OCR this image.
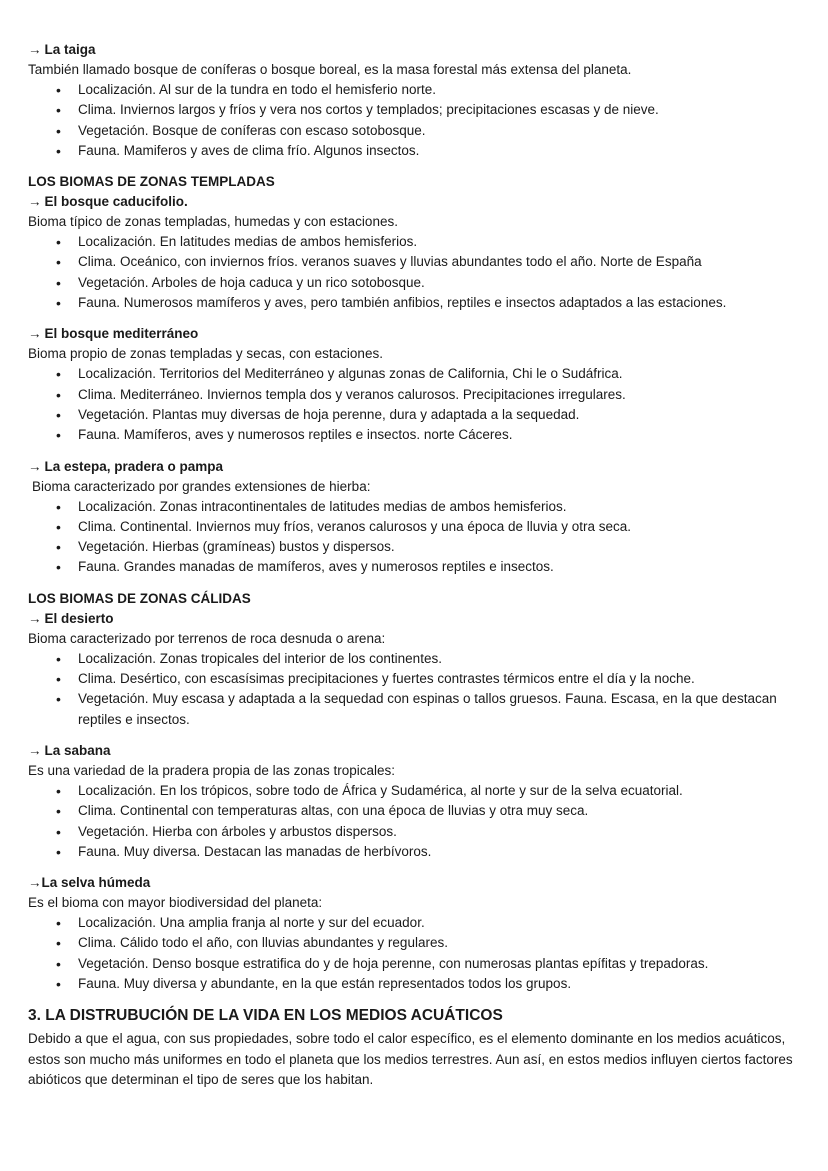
→ La taiga

También llamado bosque de coníferas o bosque boreal, es la masa forestal más extensa del planeta.

• Localización. Al sur de la tundra en todo el hemisferio norte.
• Clima. Inviernos largos y fríos y vera nos cortos y templados; precipitaciones escasas y de nieve.
• Vegetación. Bosque de coníferas con escaso sotobosque.
• Fauna. Mamiferos y aves de clima frío. Algunos insectos.

LOS BIOMAS DE ZONAS TEMPLADAS

→ El bosque caducifolio.

Bioma típico de zonas templadas, humedas y con estaciones.

• Localización. En latitudes medias de ambos hemisferios.
• Clima. Oceánico, con inviernos fríos. veranos suaves y lluvias abundantes todo el año. Norte de España
• Vegetación. Arboles de hoja caduca y un rico sotobosque.
• Fauna. Numerosos mamíferos y aves, pero también anfibios, reptiles e insectos adaptados a las estaciones.

→ El bosque mediterráneo

Bioma propio de zonas templadas y secas, con estaciones.

• Localización. Territorios del Mediterráneo y algunas zonas de California, Chi le o Sudáfrica.
• Clima. Mediterráneo. Inviernos templa dos y veranos calurosos. Precipitaciones irregulares.
• Vegetación. Plantas muy diversas de hoja perenne, dura y adaptada a la sequedad.
• Fauna. Mamíferos, aves y numerosos reptiles e insectos. norte Cáceres.

→ La estepa, pradera o pampa

Bioma caracterizado por grandes extensiones de hierba:

• Localización. Zonas intracontinentales de latitudes medias de ambos hemisferios.
• Clima. Continental. Inviernos muy fríos, veranos calurosos y una época de lluvia y otra seca.
• Vegetación. Hierbas (gramíneas) bustos y dispersos.
• Fauna. Grandes manadas de mamíferos, aves y numerosos reptiles e insectos.

LOS BIOMAS DE ZONAS CÁLIDAS

→ El desierto

Bioma caracterizado por terrenos de roca desnuda o arena:

• Localización. Zonas tropicales del interior de los continentes.
• Clima. Desértico, con escasísimas precipitaciones y fuertes contrastes térmicos entre el día y la noche.
• Vegetación. Muy escasa y adaptada a la sequedad con espinas o tallos gruesos. Fauna. Escasa, en la que destacan reptiles e insectos.

→ La sabana

Es una variedad de la pradera propia de las zonas tropicales:

• Localización. En los trópicos, sobre todo de África y Sudamérica, al norte y sur de la selva ecuatorial.
• Clima. Continental con temperaturas altas, con una época de lluvias y otra muy seca.
• Vegetación. Hierba con árboles y arbustos dispersos.
• Fauna. Muy diversa. Destacan las manadas de herbívoros.

→La selva húmeda

Es el bioma con mayor biodiversidad del planeta:

• Localización. Una amplia franja al norte y sur del ecuador.
• Clima. Cálido todo el año, con lluvias abundantes y regulares.
• Vegetación. Denso bosque estratifica do y de hoja perenne, con numerosas plantas epífitas y trepadoras.
• Fauna. Muy diversa y abundante, en la que están representados todos los grupos.

3. LA DISTRUBUCIÓN DE LA VIDA EN LOS MEDIOS ACUÁTICOS

Debido a que el agua, con sus propiedades, sobre todo el calor específico, es el elemento dominante en los medios acuáticos, estos son mucho más uniformes en todo el planeta que los medios terrestres. Aun así, en estos medios influyen ciertos factores abióticos que determinan el tipo de seres que los habitan.
